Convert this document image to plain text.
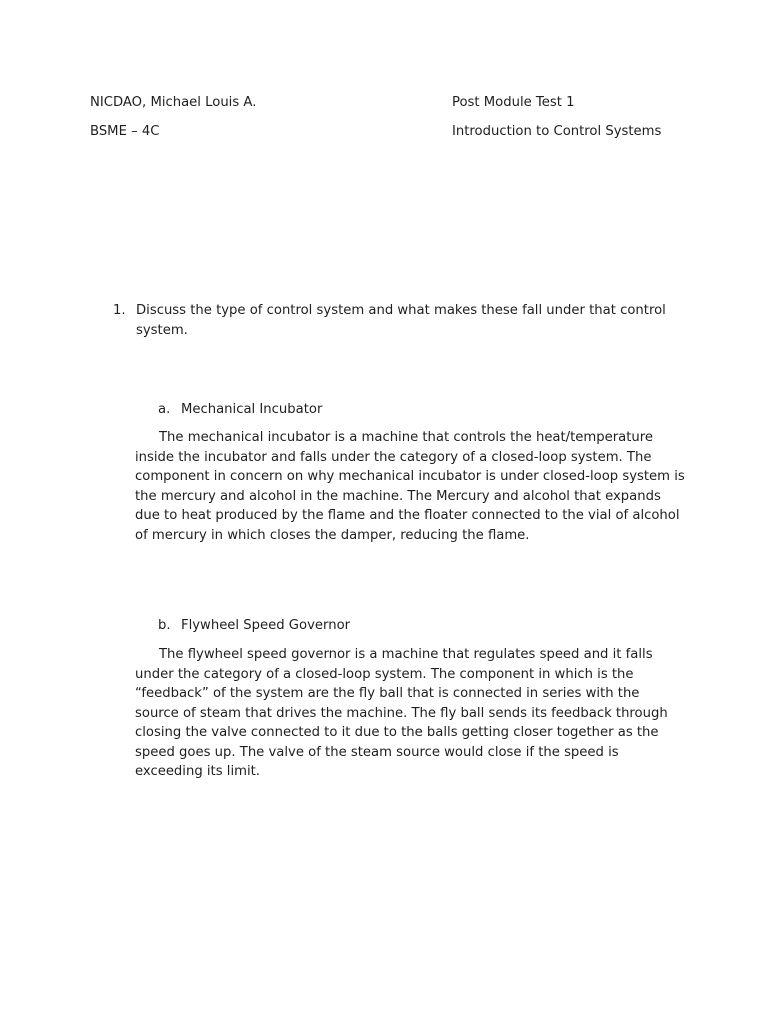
NICDAO, Michael Louis A.
BSME – 4C
Post Module Test 1
Introduction to Control Systems
1. Discuss the type of control system and what makes these fall under that control
system.
a. Mechanical Incubator
The mechanical incubator is a machine that controls the heat/temperature inside the incubator and falls under the category of a closed-loop system. The component in concern on why mechanical incubator is under closed-loop system is the mercury and alcohol in the machine. The Mercury and alcohol that expands due to heat produced by the flame and the floater connected to the vial of alcohol of mercury in which closes the damper, reducing the flame.
b. Flywheel Speed Governor
The flywheel speed governor is a machine that regulates speed and it falls under the category of a closed-loop system. The component in which is the “feedback” of the system are the fly ball that is connected in series with the source of steam that drives the machine. The fly ball sends its feedback through closing the valve connected to it due to the balls getting closer together as the speed goes up. The valve of the steam source would close if the speed is exceeding its limit.
